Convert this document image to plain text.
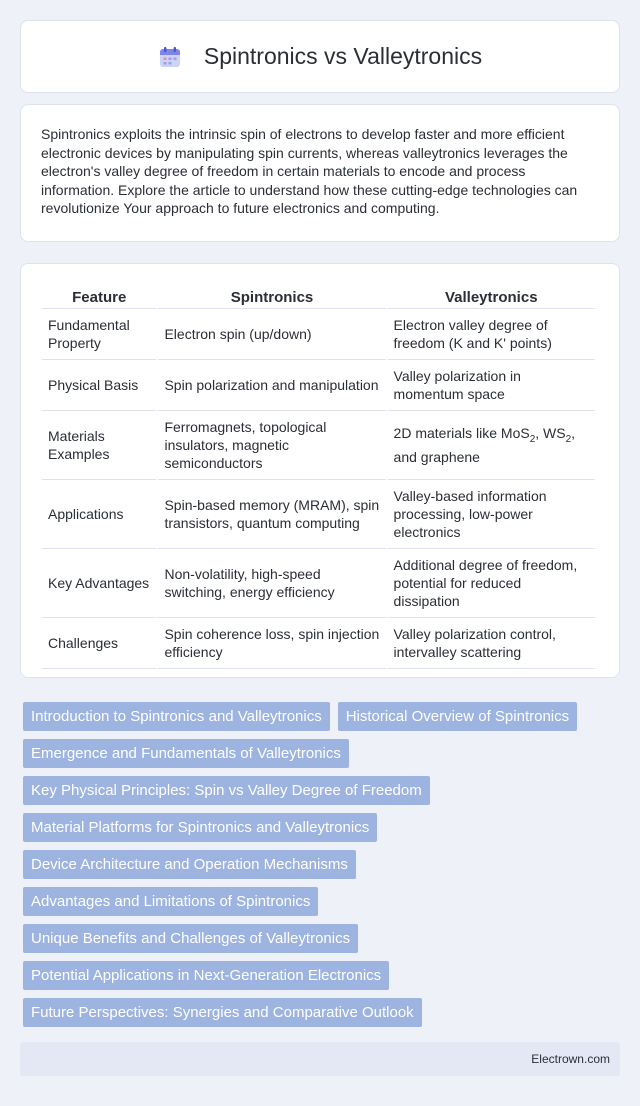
Spintronics vs Valleytronics

Spintronics exploits the intrinsic spin of electrons to develop faster and more efficient electronic devices by manipulating spin currents, whereas valleytronics leverages the electron's valley degree of freedom in certain materials to encode and process information. Explore the article to understand how these cutting-edge technologies can revolutionize Your approach to future electronics and computing.

Feature	Spintronics	Valleytronics
Fundamental Property	Electron spin (up/down)	Electron valley degree of freedom (K and K' points)
Physical Basis	Spin polarization and manipulation	Valley polarization in momentum space
Materials Examples	Ferromagnets, topological insulators, magnetic semiconductors	2D materials like MoS$_2$, $WS_2$, and graphene
Applications	Spin-based memory (MRAM), spin transistors, quantum computing	Valley-based information processing, low-power electronics
Key Advantages	Non-volatility, high-speed switching, energy efficiency	Additional degree of freedom, potential for reduced dissipation
Challenges	Spin coherence loss, spin injection efficiency	Valley polarization control, intervalley scattering
Introduction to Spintronics and Valleytronics	Historical Overview of Spintronics
Emergence and Fundamentals of Valleytronics
Key Physical Principles: Spin vs Valley Degree of Freedom
Material Platforms for Spintronics and Valleytronics
Device Architecture and Operation Mechanisms
Advantages and Limitations of Spintronics
Unique Benefits and Challenges of Valleytronics
Potential Applications in Next-Generation Electronics
Future Perspectives: Synergies and Comparative Outlook
Electrown.com
